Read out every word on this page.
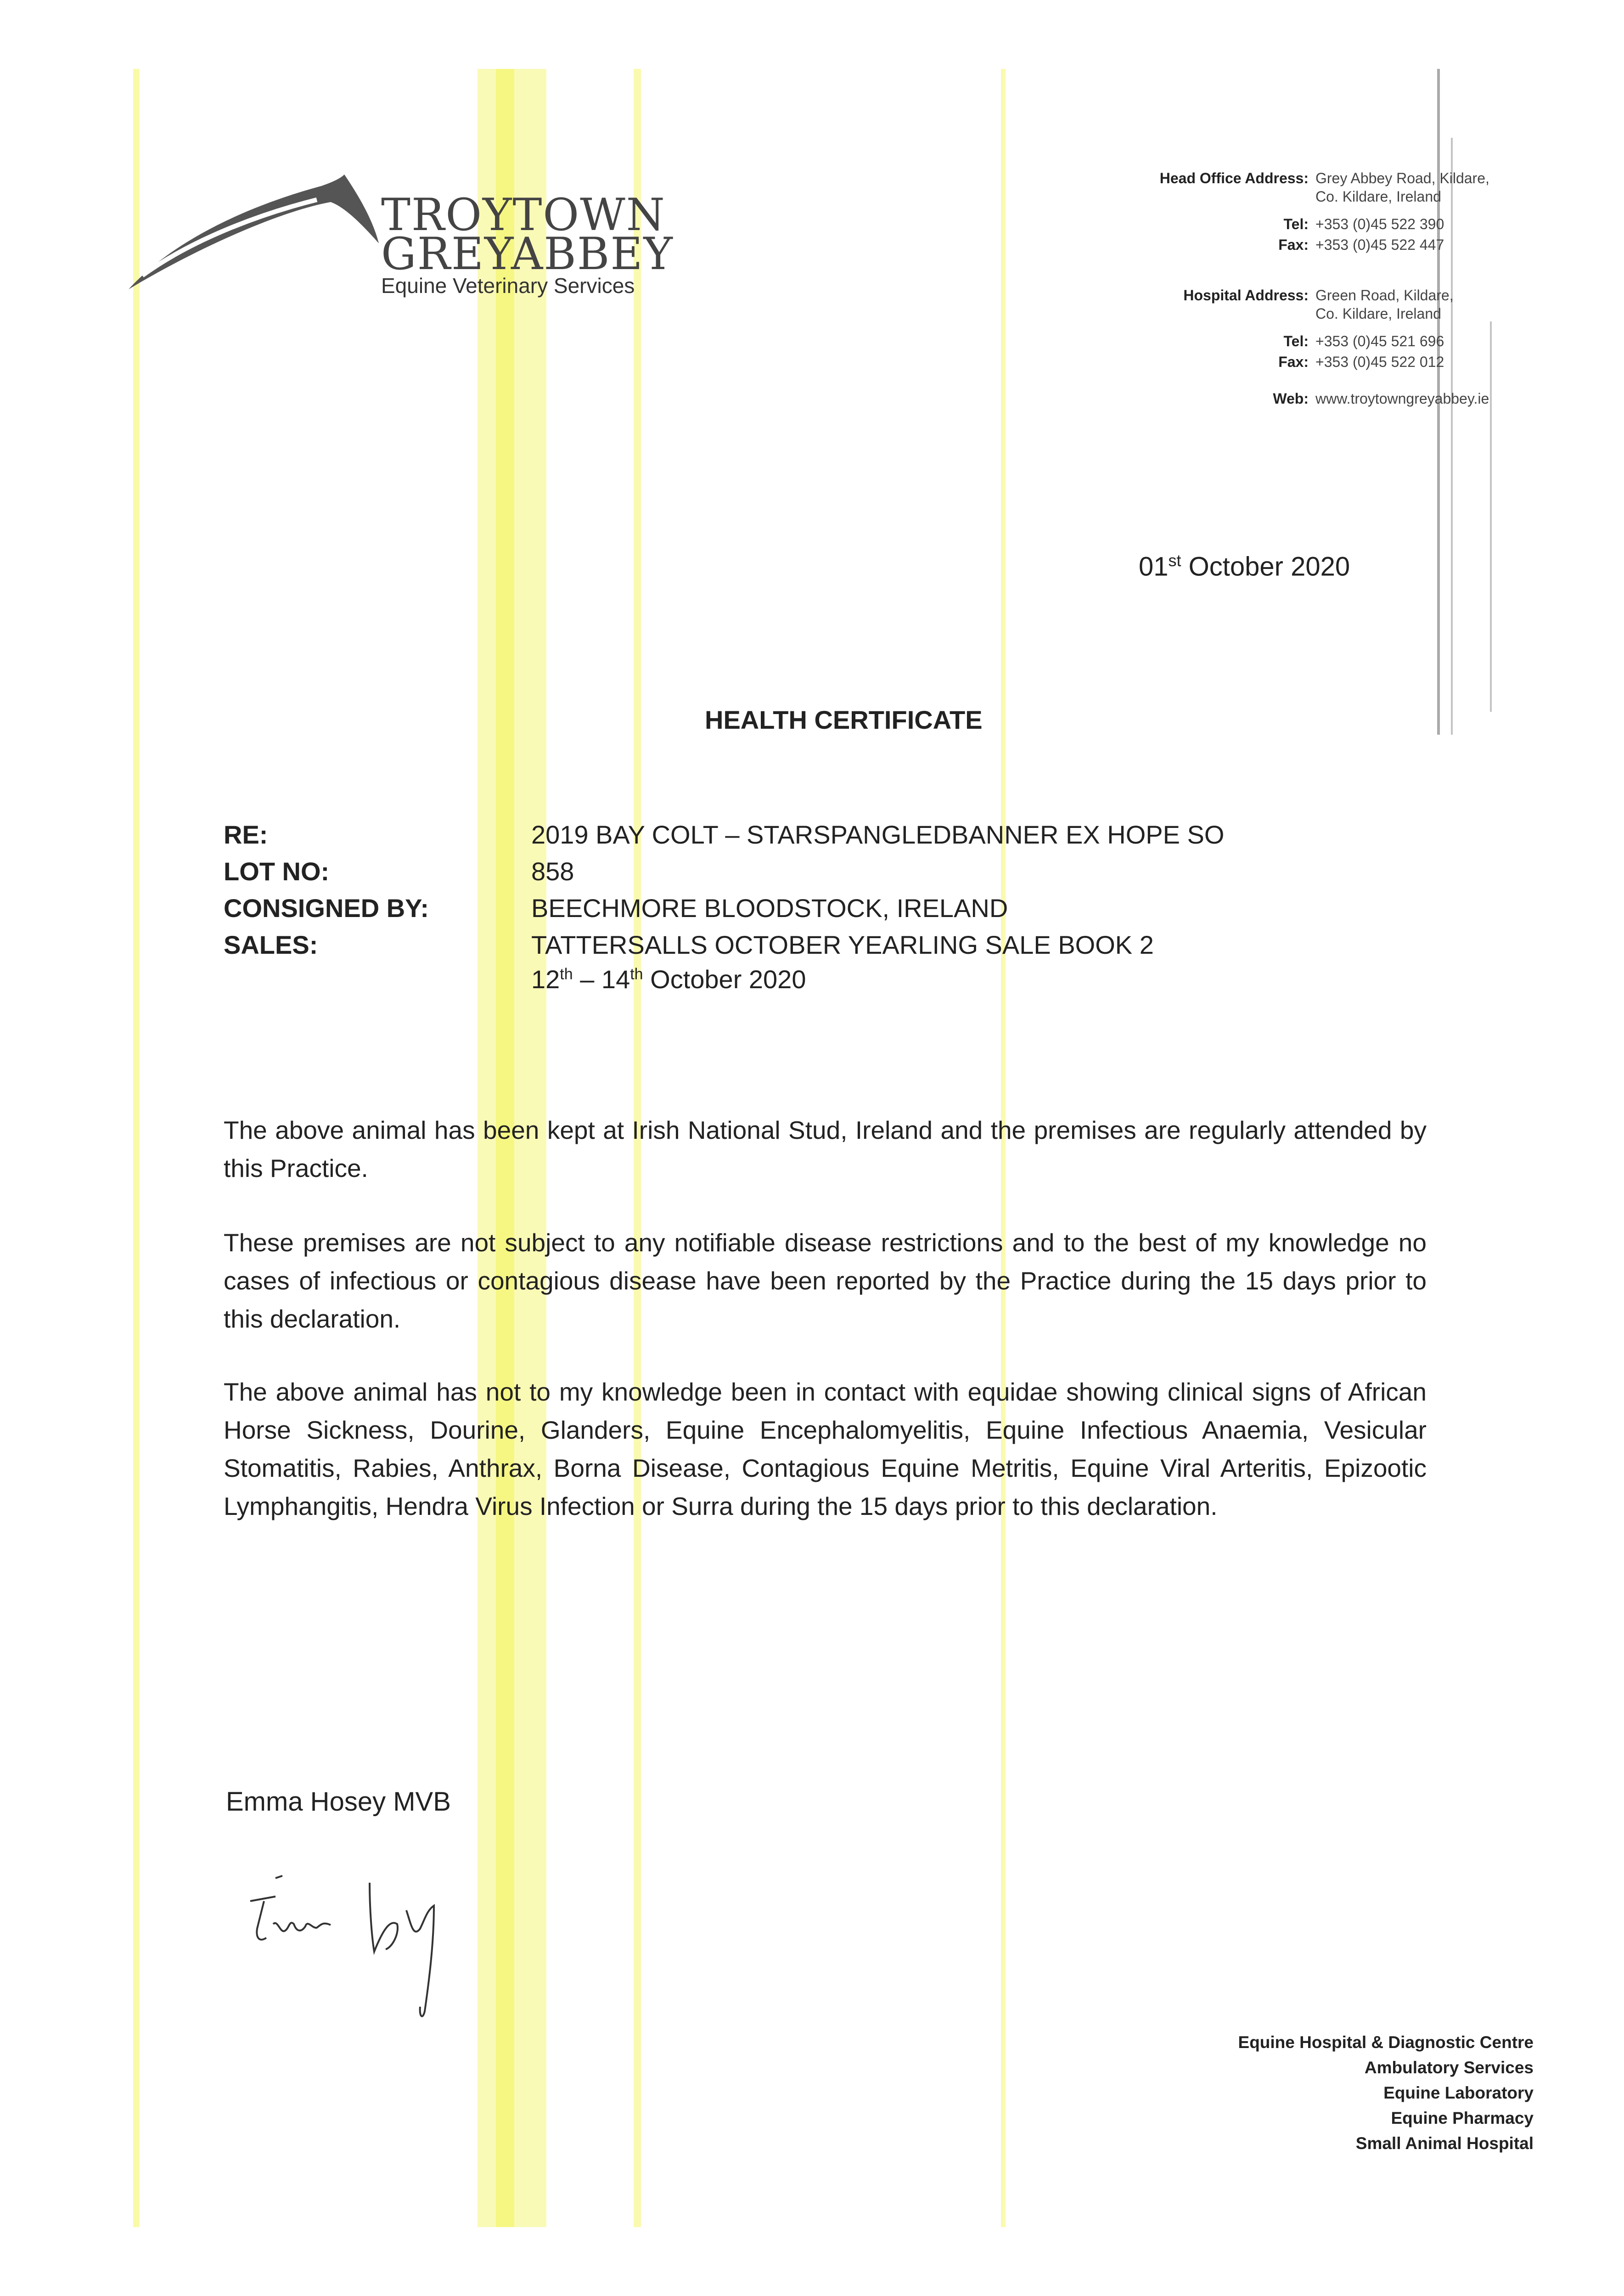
TROYTOWN
GREYABBEY
Equine Veterinary Services
Head Office Address: Grey Abbey Road, Kildare,
Co. Kildare, Ireland
Tel: +353 (0)45 522 390
Fax: +353 (0)45 522 447
Hospital Address: Green Road, Kildare,
Co. Kildare, Ireland
Tel: +353 (0)45 521 696
Fax: +353 (0)45 522 012
Web: www.troytowngreyabbey.ie
01st October 2020
HEALTH CERTIFICATE
RE:	2019 BAY COLT – STARSPANGLEDBANNER EX HOPE SO
LOT NO:	858
CONSIGNED BY:	BEECHMORE BLOODSTOCK, IRELAND
SALES:	TATTERSALLS OCTOBER YEARLING SALE BOOK 2
12th – 14th October 2020

The above animal has been kept at Irish National Stud, Ireland and the premises are regularly attended by this Practice.

These premises are not subject to any notifiable disease restrictions and to the best of my knowledge no cases of infectious or contagious disease have been reported by the Practice during the 15 days prior to this declaration.

The above animal has not to my knowledge been in contact with equidae showing clinical signs of African Horse Sickness, Dourine, Glanders, Equine Encephalomyelitis, Equine Infectious Anaemia, Vesicular Stomatitis, Rabies, Anthrax, Borna Disease, Contagious Equine Metritis, Equine Viral Arteritis, Epizootic Lymphangitis, Hendra Virus Infection or Surra during the 15 days prior to this declaration.

Emma Hosey MVB
Equine Hospital & Diagnostic Centre
Ambulatory Services
Equine Laboratory
Equine Pharmacy
Small Animal Hospital
